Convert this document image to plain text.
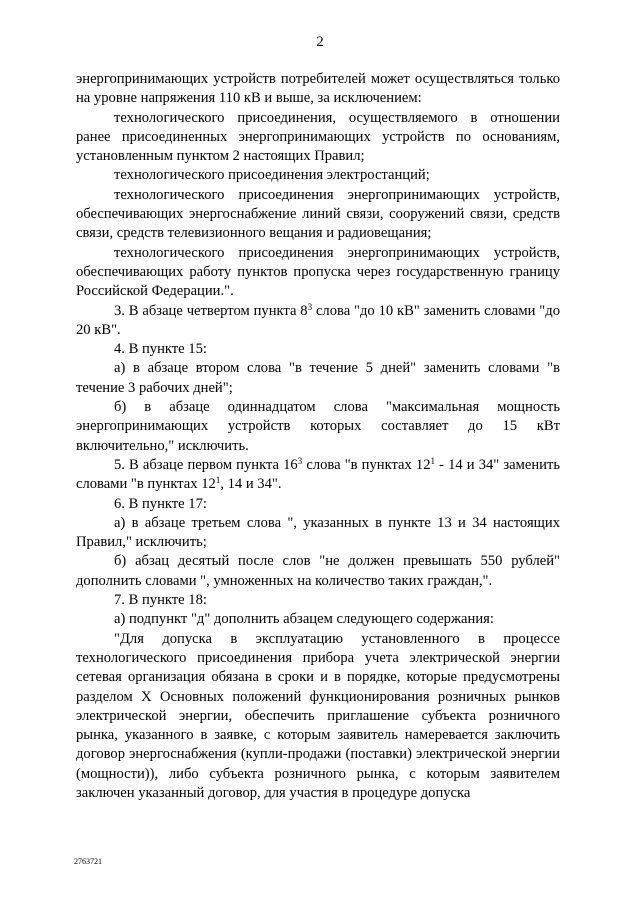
2

энергопринимающих устройств потребителей может осуществляться только на уровне напряжения 110 кВ и выше, за исключением:

технологического присоединения, осуществляемого в отношении ранее присоединенных энергопринимающих устройств по основаниям, установленным пунктом 2 настоящих Правил;

технологического присоединения электростанций;

технологического присоединения энергопринимающих устройств, обеспечивающих энергоснабжение линий связи, сооружений связи, средств связи, средств телевизионного вещания и радиовещания;

технологического присоединения энергопринимающих устройств, обеспечивающих работу пунктов пропуска через государственную границу Российской Федерации.".

3. В абзаце четвертом пункта $8^3$ слова "до 10 кВ" заменить словами "до 20 кВ".

4. В пункте 15:

а) в абзаце втором слова "в течение 5 дней" заменить словами "в течение 3 рабочих дней";

б) в абзаце одиннадцатом слова "максимальная мощность энергопринимающих устройств которых составляет до 15 кВт включительно," исключить.

5. В абзаце первом пункта $16^3$ слова "в пунктах $12^1 - 14$ и 34" заменить словами "в пунктах $12^1$, 14 и 34".

6. В пункте 17:

а) в абзаце третьем слова ", указанных в пункте 13 и 34 настоящих Правил," исключить;

б) абзац десятый после слов "не должен превышать 550 рублей" дополнить словами ", умноженных на количество таких граждан,".

7. В пункте 18:

а) подпункт "д" дополнить абзацем следующего содержания:

"Для допуска в эксплуатацию установленного в процессе технологического присоединения прибора учета электрической энергии сетевая организация обязана в сроки и в порядке, которые предусмотрены разделом X Основных положений функционирования розничных рынков электрической энергии, обеспечить приглашение субъекта розничного рынка, указанного в заявке, с которым заявитель намеревается заключить договор энергоснабжения (купли-продажи (поставки) электрической энергии (мощности)), либо субъекта розничного рынка, с которым заявителем заключен указанный договор, для участия в процедуре допуска

2763721
